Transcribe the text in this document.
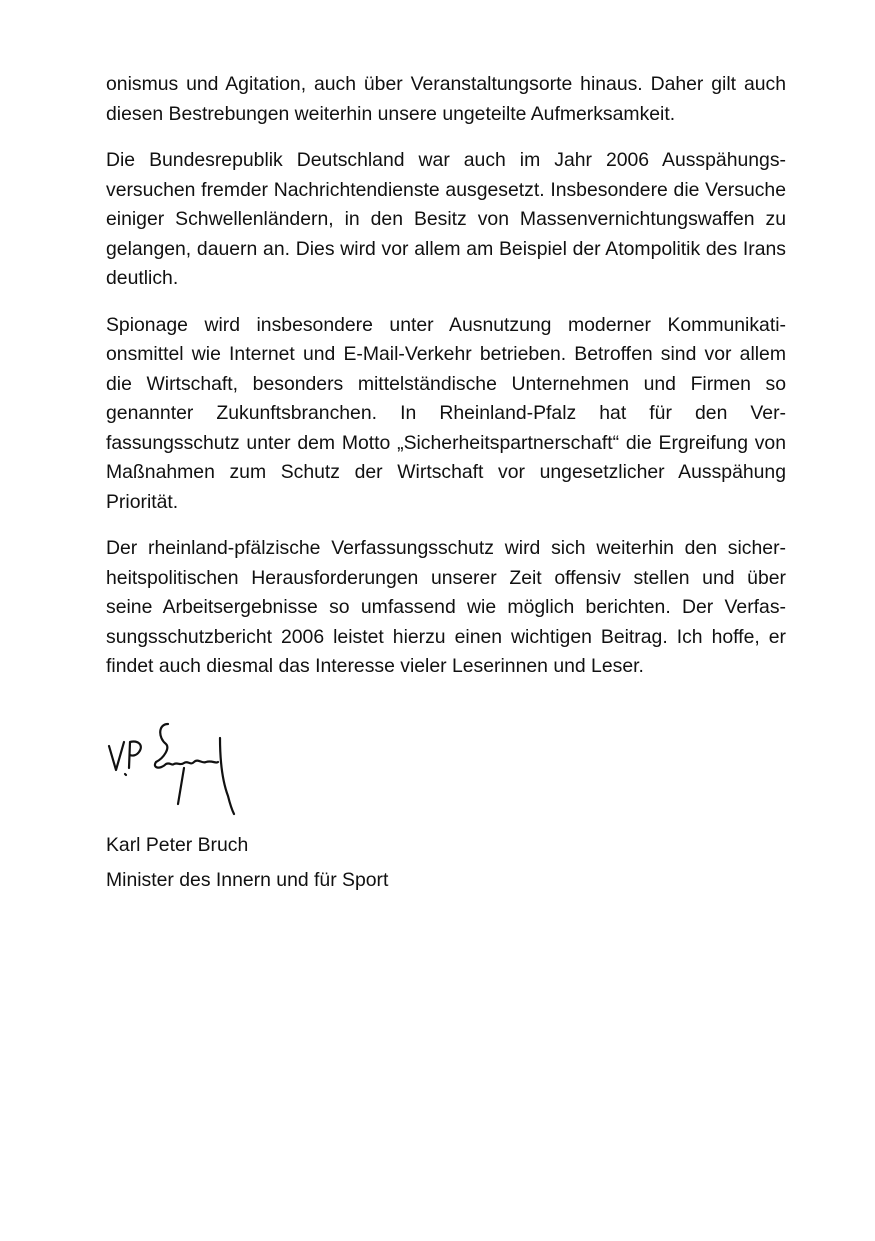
onismus und Agitation, auch über Veranstaltungsorte hinaus. Daher gilt auch diesen Bestrebungen weiterhin unsere ungeteilte Aufmerksamkeit.

Die Bundesrepublik Deutschland war auch im Jahr 2006 Ausspähungsversuchen fremder Nachrichtendienste ausgesetzt. Insbesondere die Versuche einiger Schwellenländern, in den Besitz von Massenvernichtungswaffen zu gelangen, dauern an. Dies wird vor allem am Beispiel der Atompolitik des Irans deutlich.

Spionage wird insbesondere unter Ausnutzung moderner Kommunikationsmittel wie Internet und E-Mail-Verkehr betrieben. Betroffen sind vor allem die Wirtschaft, besonders mittelständische Unternehmen und Firmen so genannter Zukunftsbranchen. In Rheinland-Pfalz hat für den Verfassungsschutz unter dem Motto „Sicherheitspartnerschaft“ die Ergreifung von Maßnahmen zum Schutz der Wirtschaft vor ungesetzlicher Ausspähung Priorität.

Der rheinland-pfälzische Verfassungsschutz wird sich weiterhin den sicherheitspolitischen Herausforderungen unserer Zeit offensiv stellen und über seine Arbeitsergebnisse so umfassend wie möglich berichten. Der Verfassungsschutzbericht 2006 leistet hierzu einen wichtigen Beitrag. Ich hoffe, er findet auch diesmal das Interesse vieler Leserinnen und Leser.

Karl Peter Bruch
Minister des Innern und für Sport
